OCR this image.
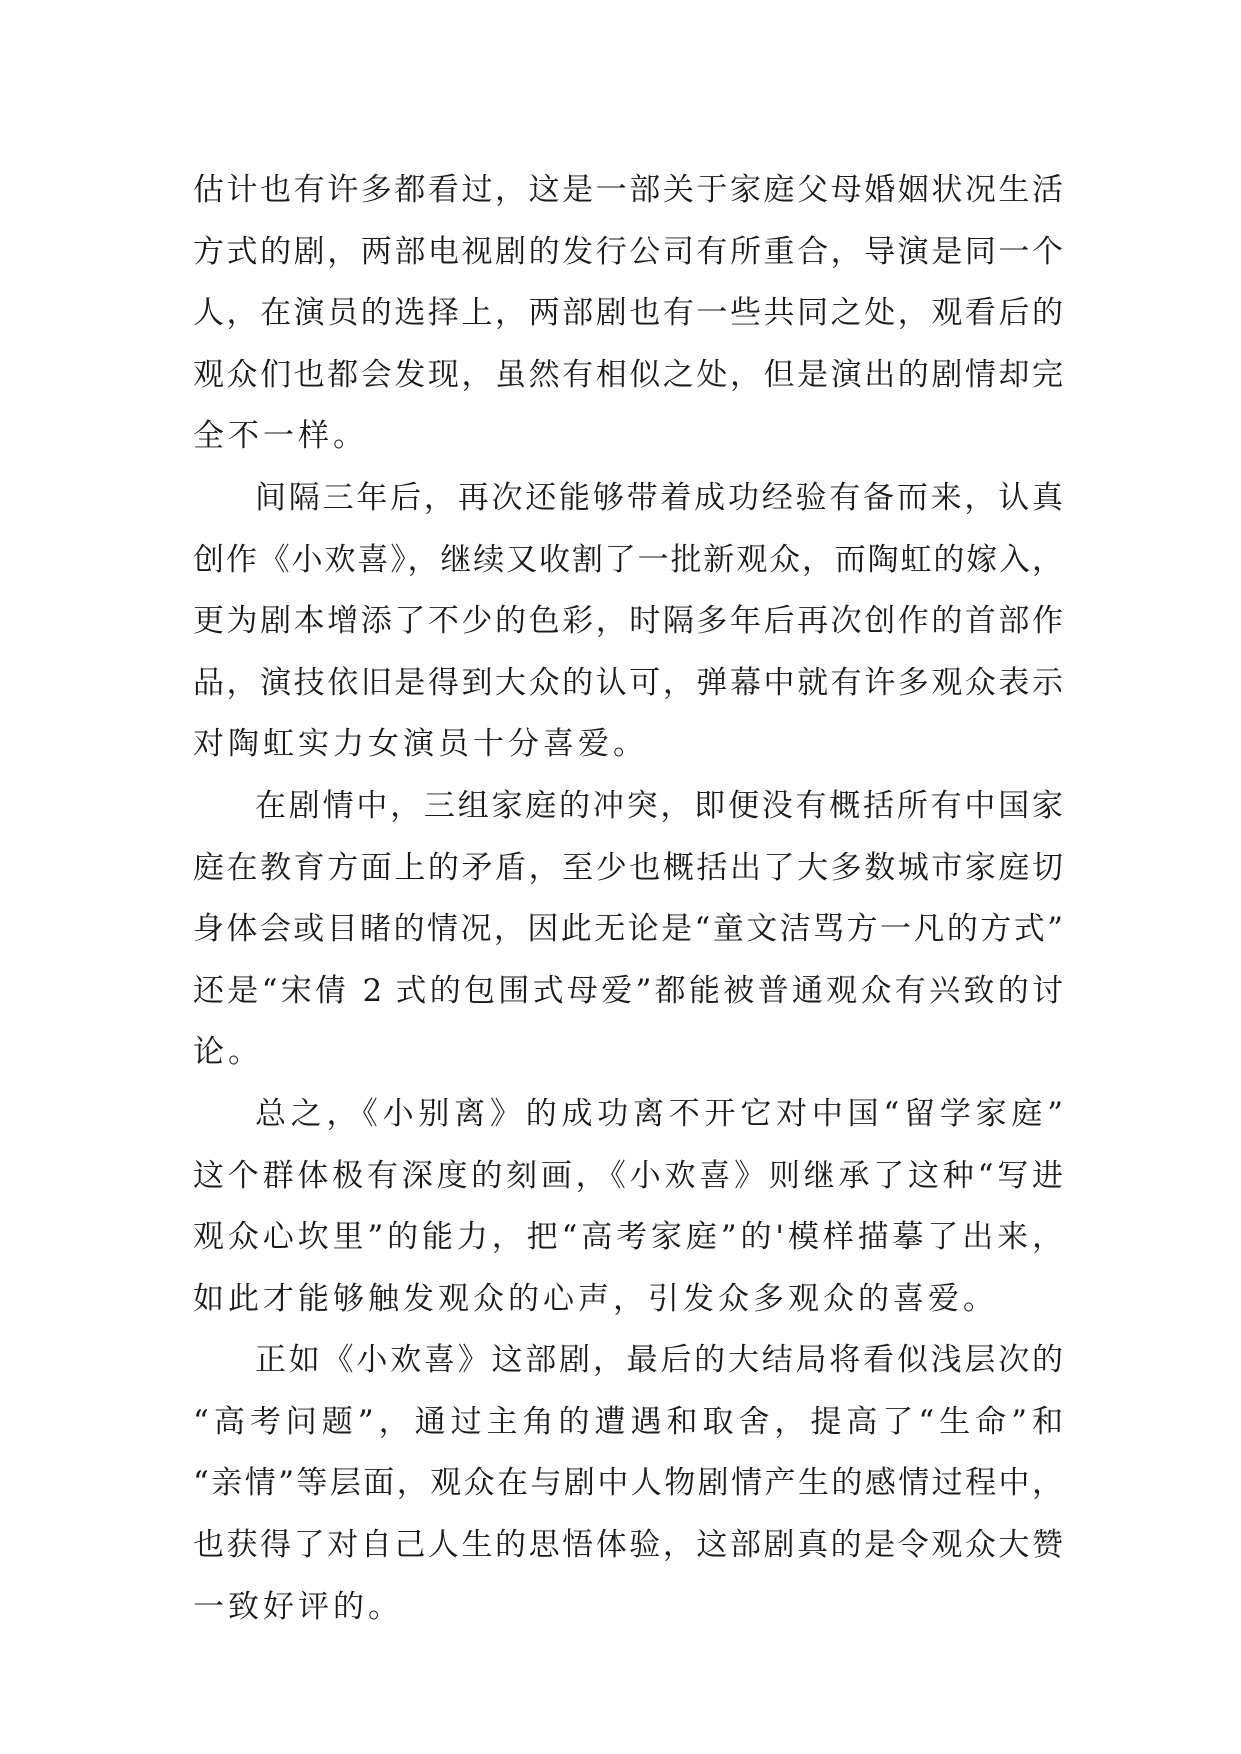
估计也有许多都看过，这是一部关于家庭父母婚姻状况生活
方式的剧，两部电视剧的发行公司有所重合，导演是同一个
人，在演员的选择上，两部剧也有一些共同之处，观看后的
观众们也都会发现，虽然有相似之处，但是演出的剧情却完
全不一样。
间隔三年后，再次还能够带着成功经验有备而来，认真
创作《小欢喜》，继续又收割了一批新观众，而陶虹的嫁入，
更为剧本增添了不少的色彩，时隔多年后再次创作的首部作
品，演技依旧是得到大众的认可，弹幕中就有许多观众表示
对陶虹实力女演员十分喜爱。
在剧情中，三组家庭的冲突，即便没有概括所有中国家
庭在教育方面上的矛盾，至少也概括出了大多数城市家庭切
身体会或目睹的情况，因此无论是“童文洁骂方一凡的方式”
还是“宋倩 2 式的包围式母爱”都能被普通观众有兴致的讨
论。
总之，《小别离》的成功离不开它对中国“留学家庭”
这个群体极有深度的刻画，《小欢喜》则继承了这种“写进
观众心坎里”的能力，把“高考家庭”的'模样描摹了出来，
如此才能够触发观众的心声，引发众多观众的喜爱。
正如《小欢喜》这部剧，最后的大结局将看似浅层次的
“高考问题”，通过主角的遭遇和取舍，提高了“生命”和
“亲情”等层面，观众在与剧中人物剧情产生的感情过程中，
也获得了对自己人生的思悟体验，这部剧真的是令观众大赞
一致好评的。
